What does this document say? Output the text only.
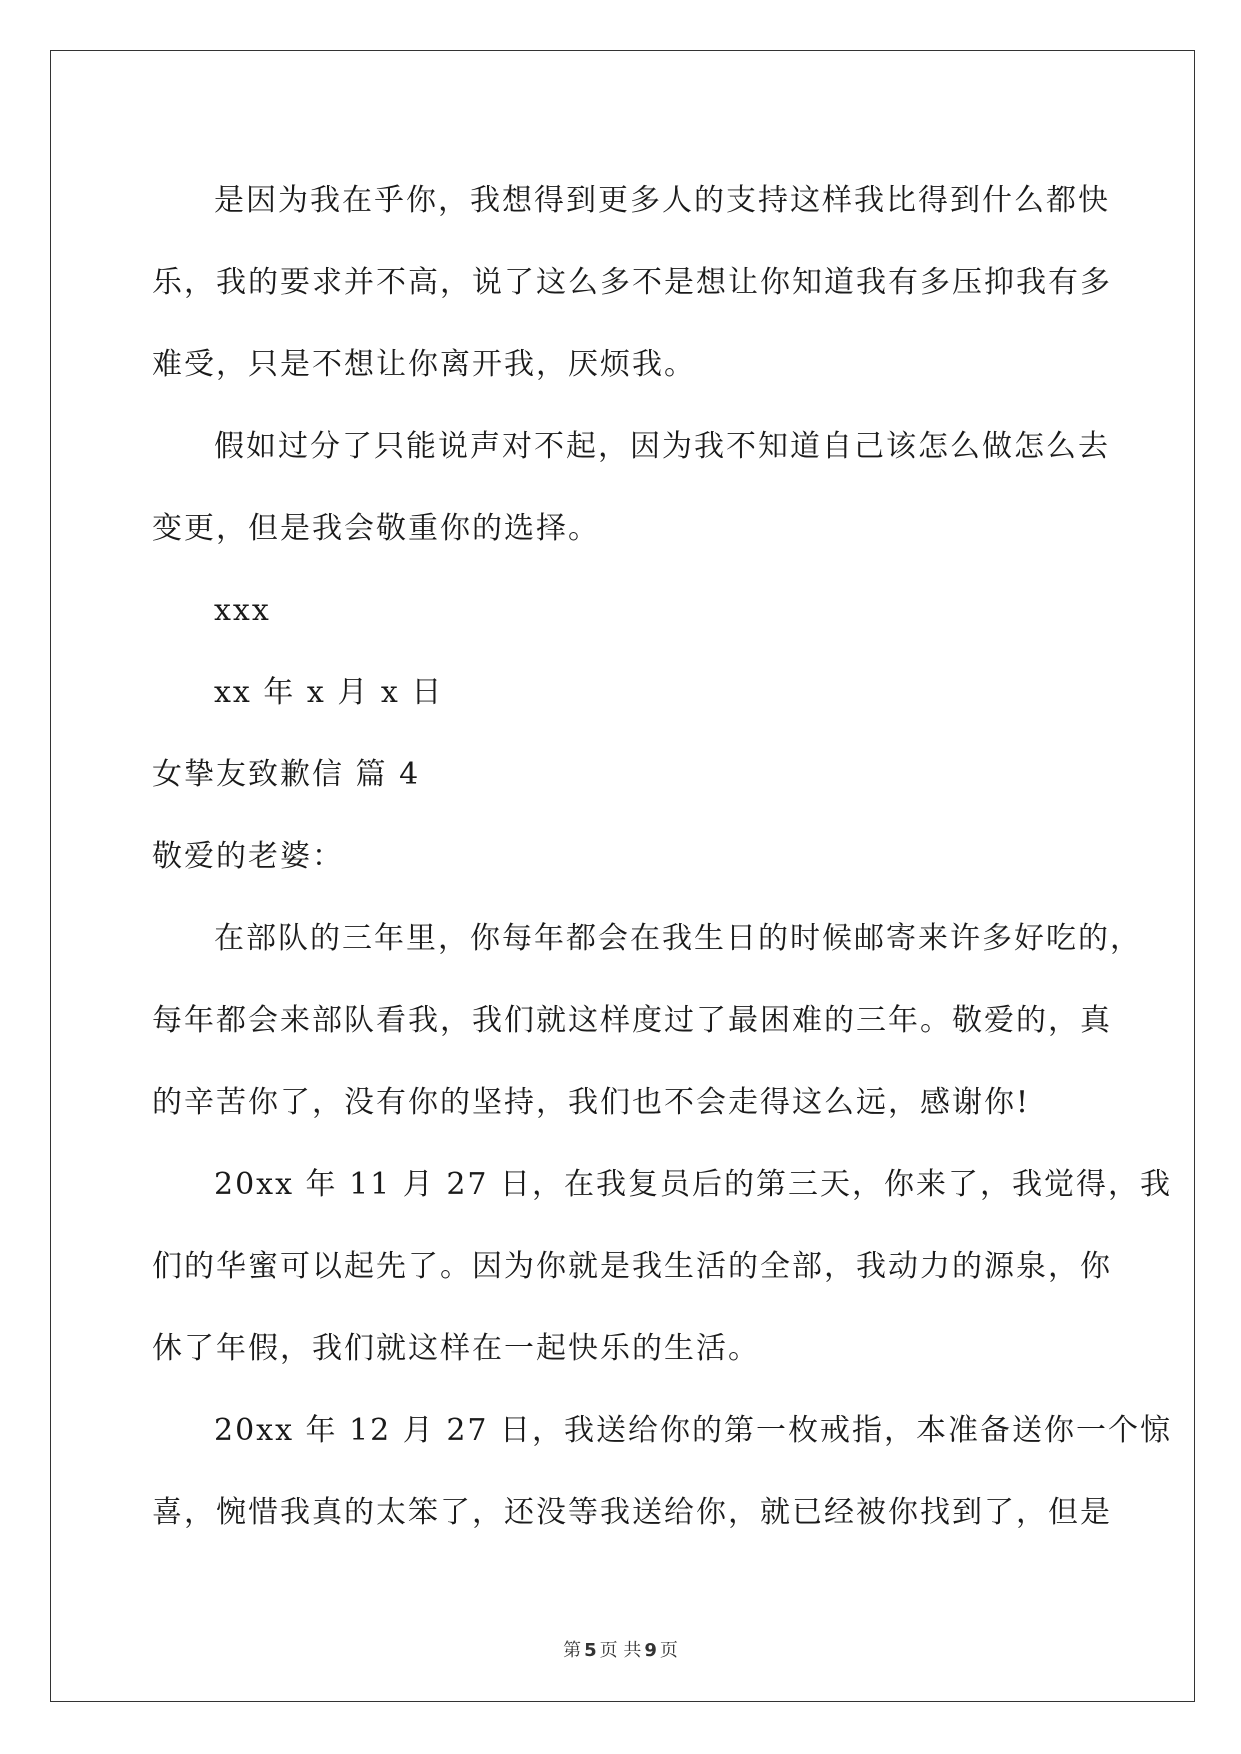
是因为我在乎你，我想得到更多人的支持这样我比得到什么都快
乐，我的要求并不高，说了这么多不是想让你知道我有多压抑我有多
难受，只是不想让你离开我，厌烦我。
假如过分了只能说声对不起，因为我不知道自己该怎么做怎么去
变更，但是我会敬重你的选择。
xxx
xx 年 x 月 x 日
女挚友致歉信 篇 4
敬爱的老婆：
在部队的三年里，你每年都会在我生日的时候邮寄来许多好吃的，
每年都会来部队看我，我们就这样度过了最困难的三年。敬爱的，真
的辛苦你了，没有你的坚持，我们也不会走得这么远，感谢你!
20xx 年 11 月 27 日，在我复员后的第三天，你来了，我觉得，我
们的华蜜可以起先了。因为你就是我生活的全部，我动力的源泉，你
休了年假，我们就这样在一起快乐的生活。
20xx 年 12 月 27 日，我送给你的第一枚戒指，本准备送你一个惊
喜，惋惜我真的太笨了，还没等我送给你，就已经被你找到了，但是
第 5 页 共 9 页
